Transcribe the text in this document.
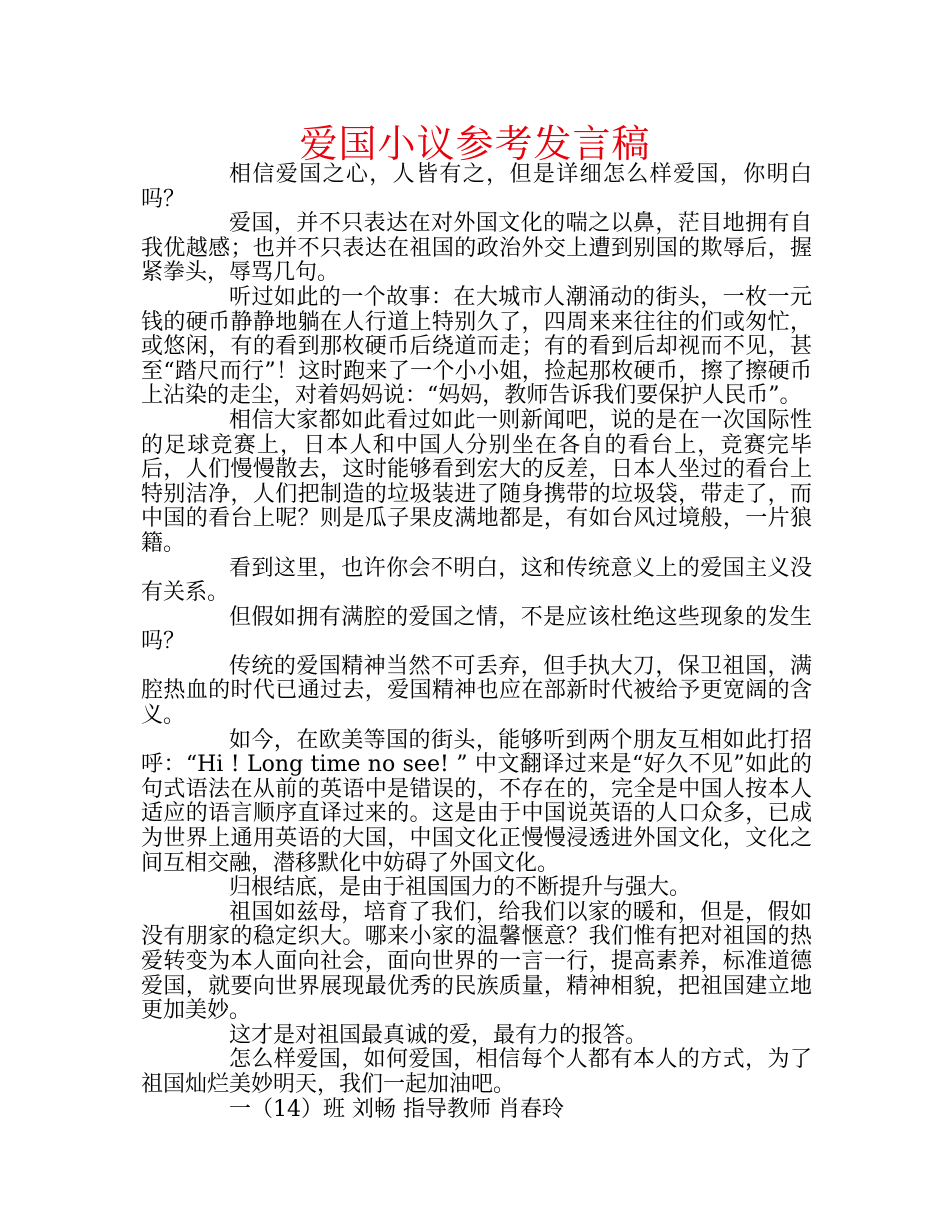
爱国小议参考发言稿

相信爱国之心，人皆有之，但是详细怎么样爱国，你明白吗？

爱国，并不只表达在对外国文化的喘之以鼻，茫目地拥有自我优越感；也并不只表达在祖国的政治外交上遭到别国的欺辱后，握紧拳头，辱骂几句。

听过如此的一个故事：在大城市人潮涌动的街头，一枚一元钱的硬币静静地躺在人行道上特别久了，四周来来往往的们或匆忙，或悠闲，有的看到那枚硬币后绕道而走；有的看到后却视而不见，甚至“踏尺而行”！这时跑来了一个小小姐，捡起那枚硬币，擦了擦硬币上沾染的走尘，对着妈妈说：“妈妈，教师告诉我们要保护人民币”。

相信大家都如此看过如此一则新闻吧，说的是在一次国际性的足球竞赛上，日本人和中国人分别坐在各自的看台上，竞赛完毕后，人们慢慢散去，这时能够看到宏大的反差，日本人坐过的看台上特别洁净，人们把制造的垃圾装进了随身携带的垃圾袋，带走了，而中国的看台上呢？则是瓜子果皮满地都是，有如台风过境般，一片狼籍。

看到这里，也许你会不明白，这和传统意义上的爱国主义没有关系。

但假如拥有满腔的爱国之情，不是应该杜绝这些现象的发生吗？

传统的爱国精神当然不可丢弃，但手执大刀，保卫祖国，满腔热血的时代已通过去，爱国精神也应在部新时代被给予更宽阔的含义。

如今，在欧美等国的街头，能够听到两个朋友互相如此打招呼：“Hi ! Long time no see! ” 中文翻译过来是“好久不见”如此的句式语法在从前的英语中是错误的，不存在的，完全是中国人按本人适应的语言顺序直译过来的。这是由于中国说英语的人口众多，已成为世界上通用英语的大国，中国文化正慢慢浸透进外国文化，文化之间互相交融，潜移默化中妨碍了外国文化。

归根结底，是由于祖国国力的不断提升与强大。

祖国如兹母，培育了我们，给我们以家的暖和，但是，假如没有朋家的稳定织大。哪来小家的温馨惬意？我们惟有把对祖国的热爱转变为本人面向社会，面向世界的一言一行，提高素养，标准道德爱国，就要向世界展现最优秀的民族质量，精神相貌，把祖国建立地更加美妙。

这才是对祖国最真诚的爱，最有力的报答。

怎么样爱国，如何爱国，相信每个人都有本人的方式，为了祖国灿烂美妙明天，我们一起加油吧。

一（14）班 刘畅 指导教师 肖春玲
